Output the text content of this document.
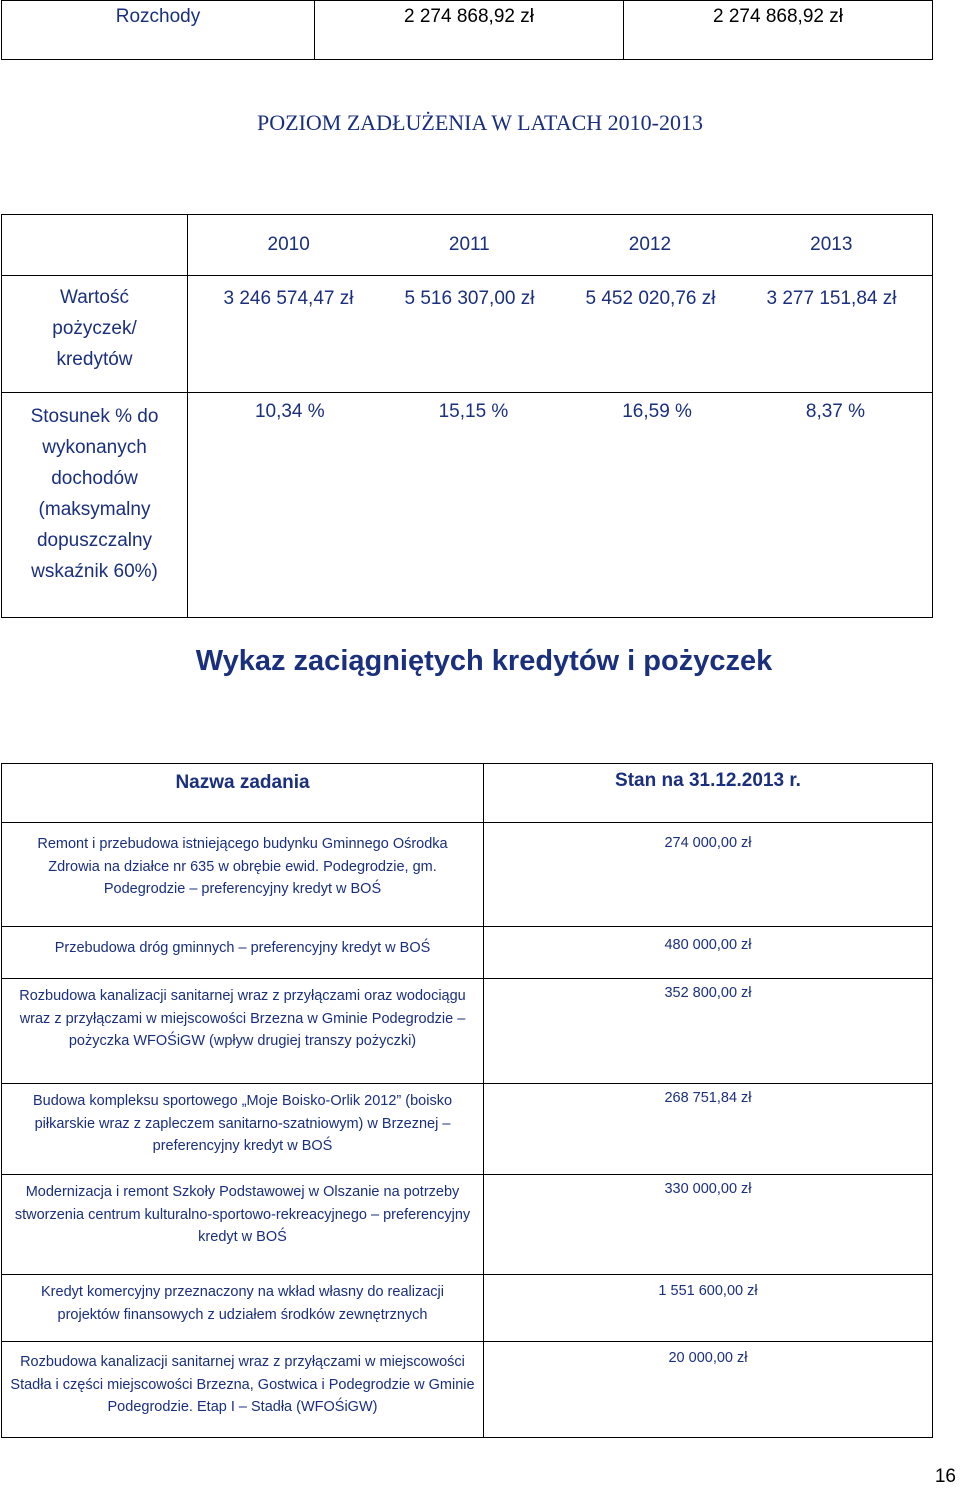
Rozchody	2 274 868,92 zł	2 274 868,92 zł
POZIOM ZADŁUŻENIA W LATACH 2010-2013

	2010 2011 2012 2013

Wartość pożyczek/ kredytów	3 246 574,47 zł 5 516 307,00 zł 5 452 020,76 zł 3 277 151,84 zł

Stosunek % do wykonanych dochodów (maksymalny dopuszczalny wskaźnik 60%)	10,34 % 15,15 % 16,59 % 8,37 %
Wykaz zaciągniętych kredytów i pożyczek
Nazwa zadania	Stan na 31.12.2013 r.
Remont i przebudowa istniejącego budynku Gminnego Ośrodka Zdrowia na działce nr 635 w obrębie ewid. Podegrodzie, gm. Podegrodzie – preferencyjny kredyt w BOŚ	274 000,00 zł
Przebudowa dróg gminnych – preferencyjny kredyt w BOŚ	480 000,00 zł
Rozbudowa kanalizacji sanitarnej wraz z przyłączami oraz wodociągu wraz z przyłączami w miejscowości Brzezna w Gminie Podegrodzie – pożyczka WFOŚiGW (wpływ drugiej transzy pożyczki)	352 800,00 zł
Budowa kompleksu sportowego „Moje Boisko-Orlik 2012” (boisko piłkarskie wraz z zapleczem sanitarno-szatniowym) w Brzeznej – preferencyjny kredyt w BOŚ	268 751,84 zł
Modernizacja i remont Szkoły Podstawowej w Olszanie na potrzeby stworzenia centrum kulturalno-sportowo-rekreacyjnego – preferencyjny kredyt w BOŚ	330 000,00 zł
Kredyt komercyjny przeznaczony na wkład własny do realizacji projektów finansowych z udziałem środków zewnętrznych	1 551 600,00 zł
Rozbudowa kanalizacji sanitarnej wraz z przyłączami w miejscowości Stadła i części miejscowości Brzezna, Gostwica i Podegrodzie w Gminie Podegrodzie. Etap I – Stadła (WFOŚiGW)	20 000,00 zł
16
